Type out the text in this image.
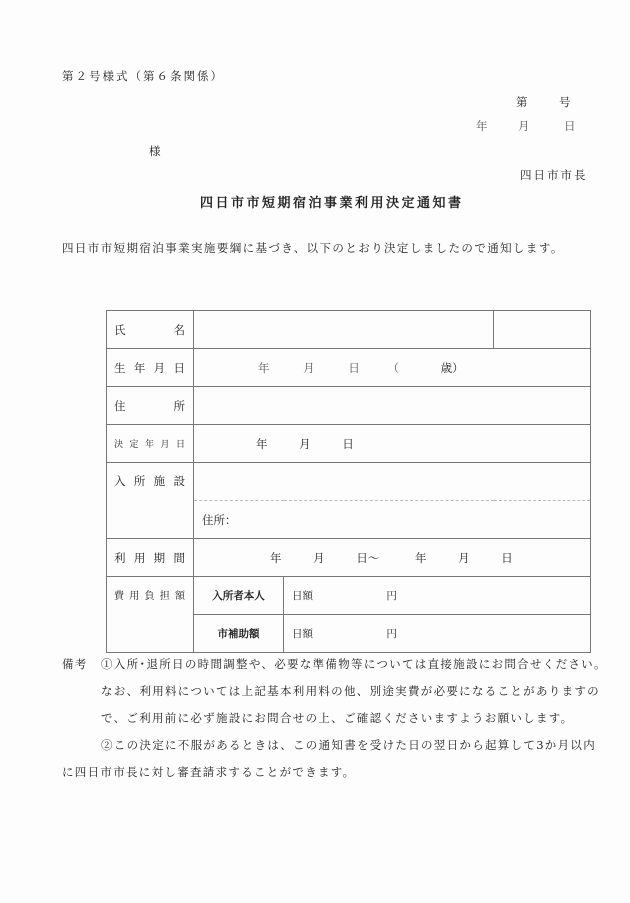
第２号様式（第６条関係）
第	号
年	月	日
様
四日市市長
四日市市短期宿泊事業利用決定通知書
四日市市短期宿泊事業実施要綱に基づき、以下のとおり決定しましたので通知します。
氏 名			

生 年 月 日	年 月 日 （ 歳）		

住 所			

決 定 年 月 日	年 月 日		

入 所 施 設			

	住所：		

利 用 期 間	年 月 日～ 年 月 日		

費 用 負 担 額	入所者本人	日額 円	
	市補助額	日額 円	
備考 ①入所･退所日の時間調整や、必要な準備物等については直接施設にお問合せください。
なお、利用料については上記基本利用料の他、別途実費が必要になることがありますの
で、ご利用前に必ず施設にお問合せの上、ご確認くださいますようお願いします。
②この決定に不服があるときは、この通知書を受けた日の翌日から起算して3か月以内
に四日市市長に対し審査請求することができます。
